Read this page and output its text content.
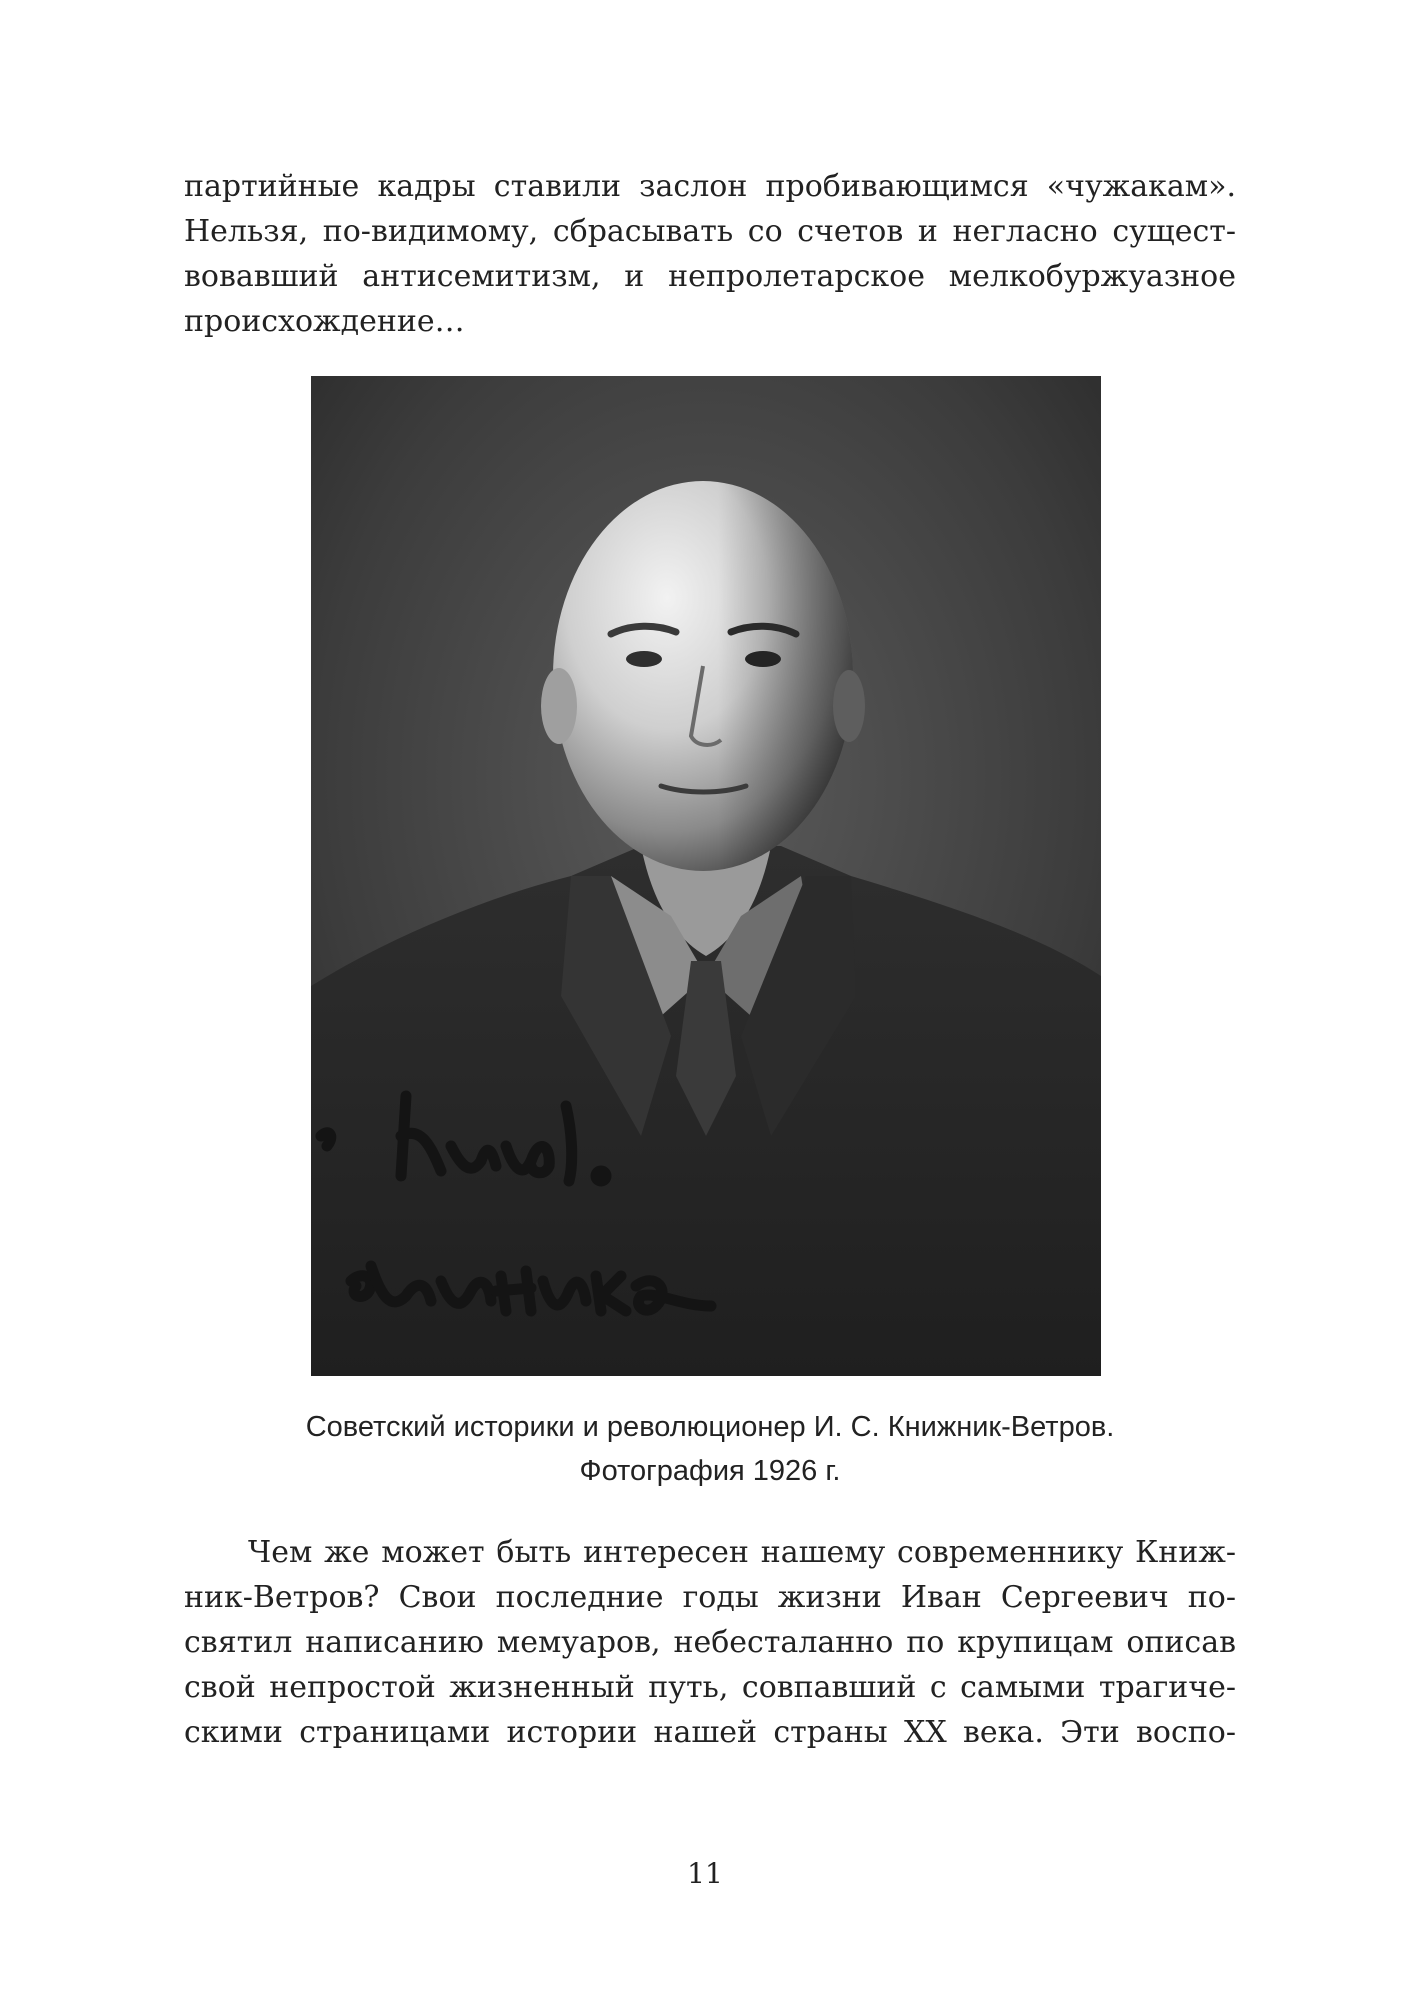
партийные кадры ставили заслон пробивающимся «чужакам».
Нельзя, по-видимому, сбрасывать со счетов и негласно сущест-
вовавший антисемитизм, и непролетарское мелкобуржуазное
происхождение…
Советский историки и революционер И. С. Книжник-Ветров.
Фотография 1926 г.
Чем же может быть интересен нашему современнику Книж-
ник-Ветров? Свои последние годы жизни Иван Сергеевич по-
святил написанию мемуаров, небесталанно по крупицам описав
свой непростой жизненный путь, совпавший с самыми трагиче-
скими страницами истории нашей страны XX века. Эти воспо-
11
